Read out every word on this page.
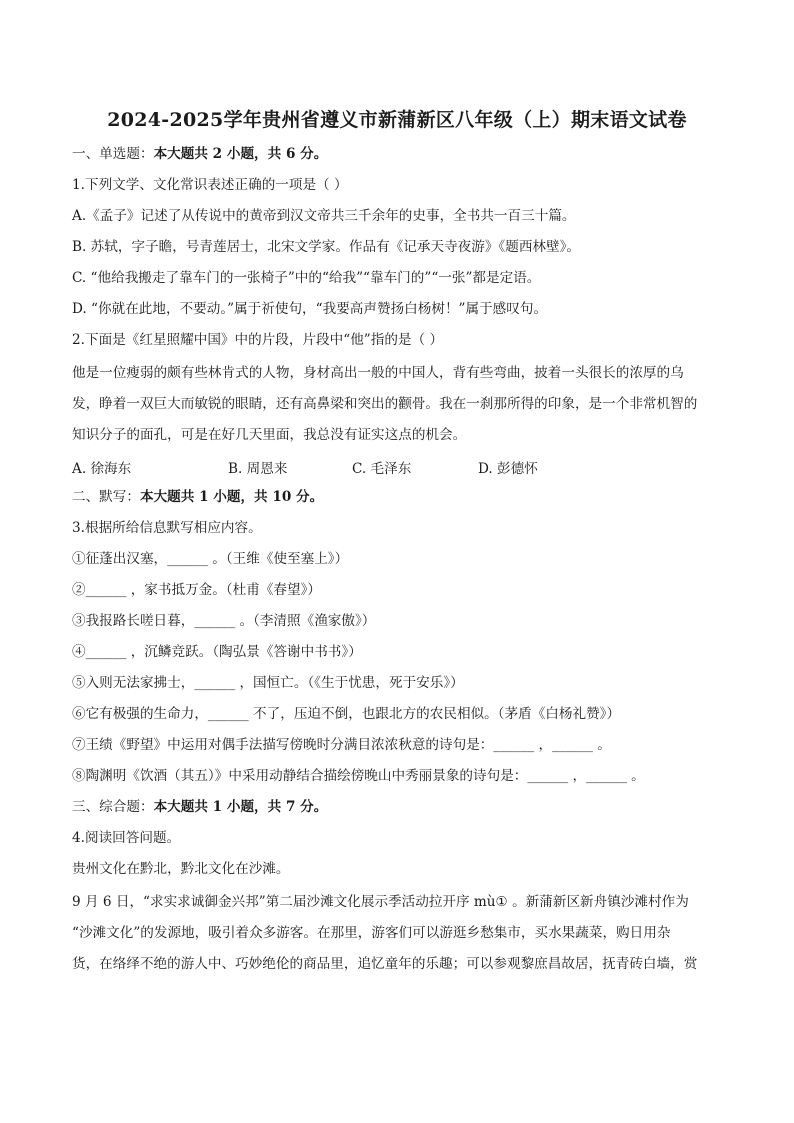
2024-2025学年贵州省遵义市新蒲新区八年级（上）期末语文试卷
一、单选题：本大题共 2 小题，共 6 分。
1.下列文学、文化常识表述正确的一项是（ ）
A.《孟子》记述了从传说中的黄帝到汉文帝共三千余年的史事，全书共一百三十篇。
B. 苏轼，字子瞻，号青莲居士，北宋文学家。作品有《记承天寺夜游》《题西林壁》。
C. “他给我搬走了靠车门的一张椅子”中的“给我”“靠车门的”“一张”都是定语。
D. “你就在此地，不要动。”属于祈使句，“我要高声赞扬白杨树！”属于感叹句。
2.下面是《红星照耀中国》中的片段，片段中“他”指的是（ ）
他是一位瘦弱的颇有些林肯式的人物，身材高出一般的中国人，背有些弯曲，披着一头很长的浓厚的乌
发，睁着一双巨大而敏锐的眼睛，还有高鼻梁和突出的颧骨。我在一刹那所得的印象，是一个非常机智的
知识分子的面孔，可是在好几天里面，我总没有证实这点的机会。
A. 徐海东	B. 周恩来	C. 毛泽东	D. 彭德怀
二、默写：本大题共 1 小题，共 10 分。
3.根据所给信息默写相应内容。
①征蓬出汉塞，______ 。（王维《使至塞上》）
②______ ，家书抵万金。（杜甫《春望》）
③我报路长嗟日暮，______ 。（李清照《渔家傲》）
④______ ，沉鳞竞跃。（陶弘景《答谢中书书》）
⑤入则无法家拂士，______ ，国恒亡。（《生于忧患，死于安乐》）
⑥它有极强的生命力，______ 不了，压迫不倒，也跟北方的农民相似。（茅盾《白杨礼赞》）
⑦王绩《野望》中运用对偶手法描写傍晚时分满目浓浓秋意的诗句是：______ ，______ 。
⑧陶渊明《饮酒（其五）》中采用动静结合描绘傍晚山中秀丽景象的诗句是：______ ，______ 。
三、综合题：本大题共 1 小题，共 7 分。
4.阅读回答问题。
贵州文化在黔北，黔北文化在沙滩。
9 月 6 日，“求实求诚御金兴邦”第二届沙滩文化展示季活动拉开序 mù① 。新蒲新区新舟镇沙滩村作为
“沙滩文化”的发源地，吸引着众多游客。在那里，游客们可以游逛乡愁集市，买水果蔬菜，购日用杂
货，在络绎不绝的游人中、巧妙绝伦的商品里，追忆童年的乐趣；可以参观黎庶昌故居，抚青砖白墙，赏
